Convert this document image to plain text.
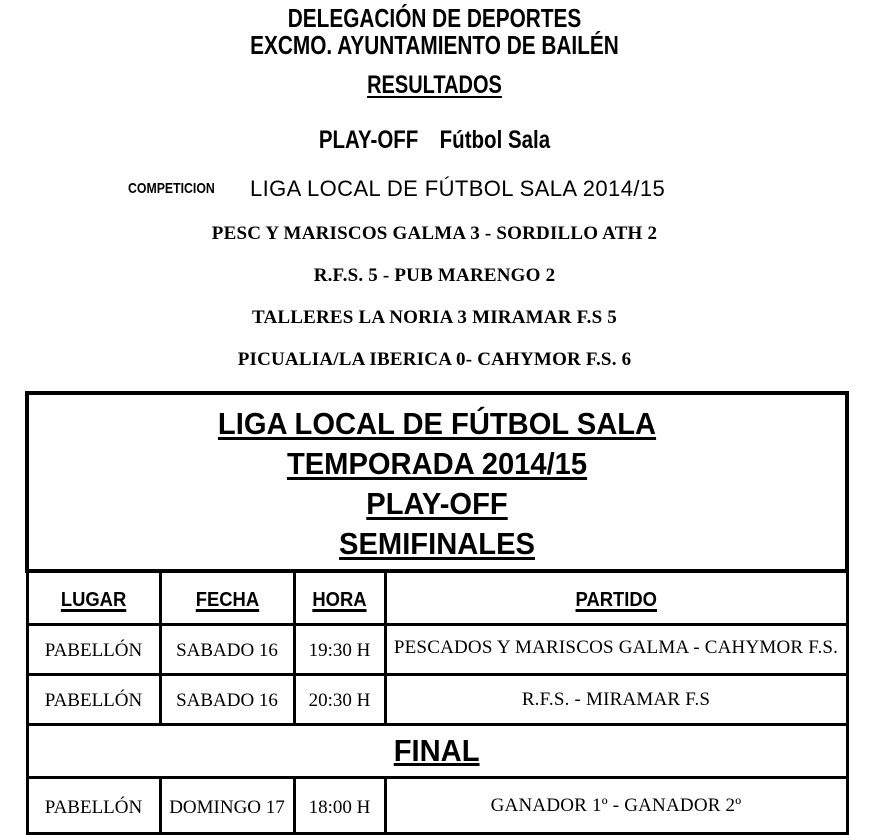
DELEGACIÓN DE DEPORTES
EXCMO. AYUNTAMIENTO DE BAILÉN
RESULTADOS
PLAY-OFF Fútbol Sala
COMPETICION LIGA LOCAL DE FÚTBOL SALA 2014/15
PESC Y MARISCOS GALMA 3 - SORDILLO ATH 2
R.F.S. 5 - PUB MARENGO 2
TALLERES LA NORIA 3 MIRAMAR F.S 5
PICUALIA/LA IBERICA 0- CAHYMOR F.S. 6
LIGA LOCAL DE FÚTBOL SALA
TEMPORADA 2014/15
PLAY-OFF
SEMIFINALES			

LUGAR	FECHA	HORA	PARTIDO
PABELLÓN	SABADO 16	19:30 H	PESCADOS Y MARISCOS GALMA - CAHYMOR F.S.
PABELLÓN	SABADO 16	20:30 H	R.F.S. - MIRAMAR F.S
FINAL			
PABELLÓN	DOMINGO 17	18:00 H	GANADOR 1º - GANADOR 2º
